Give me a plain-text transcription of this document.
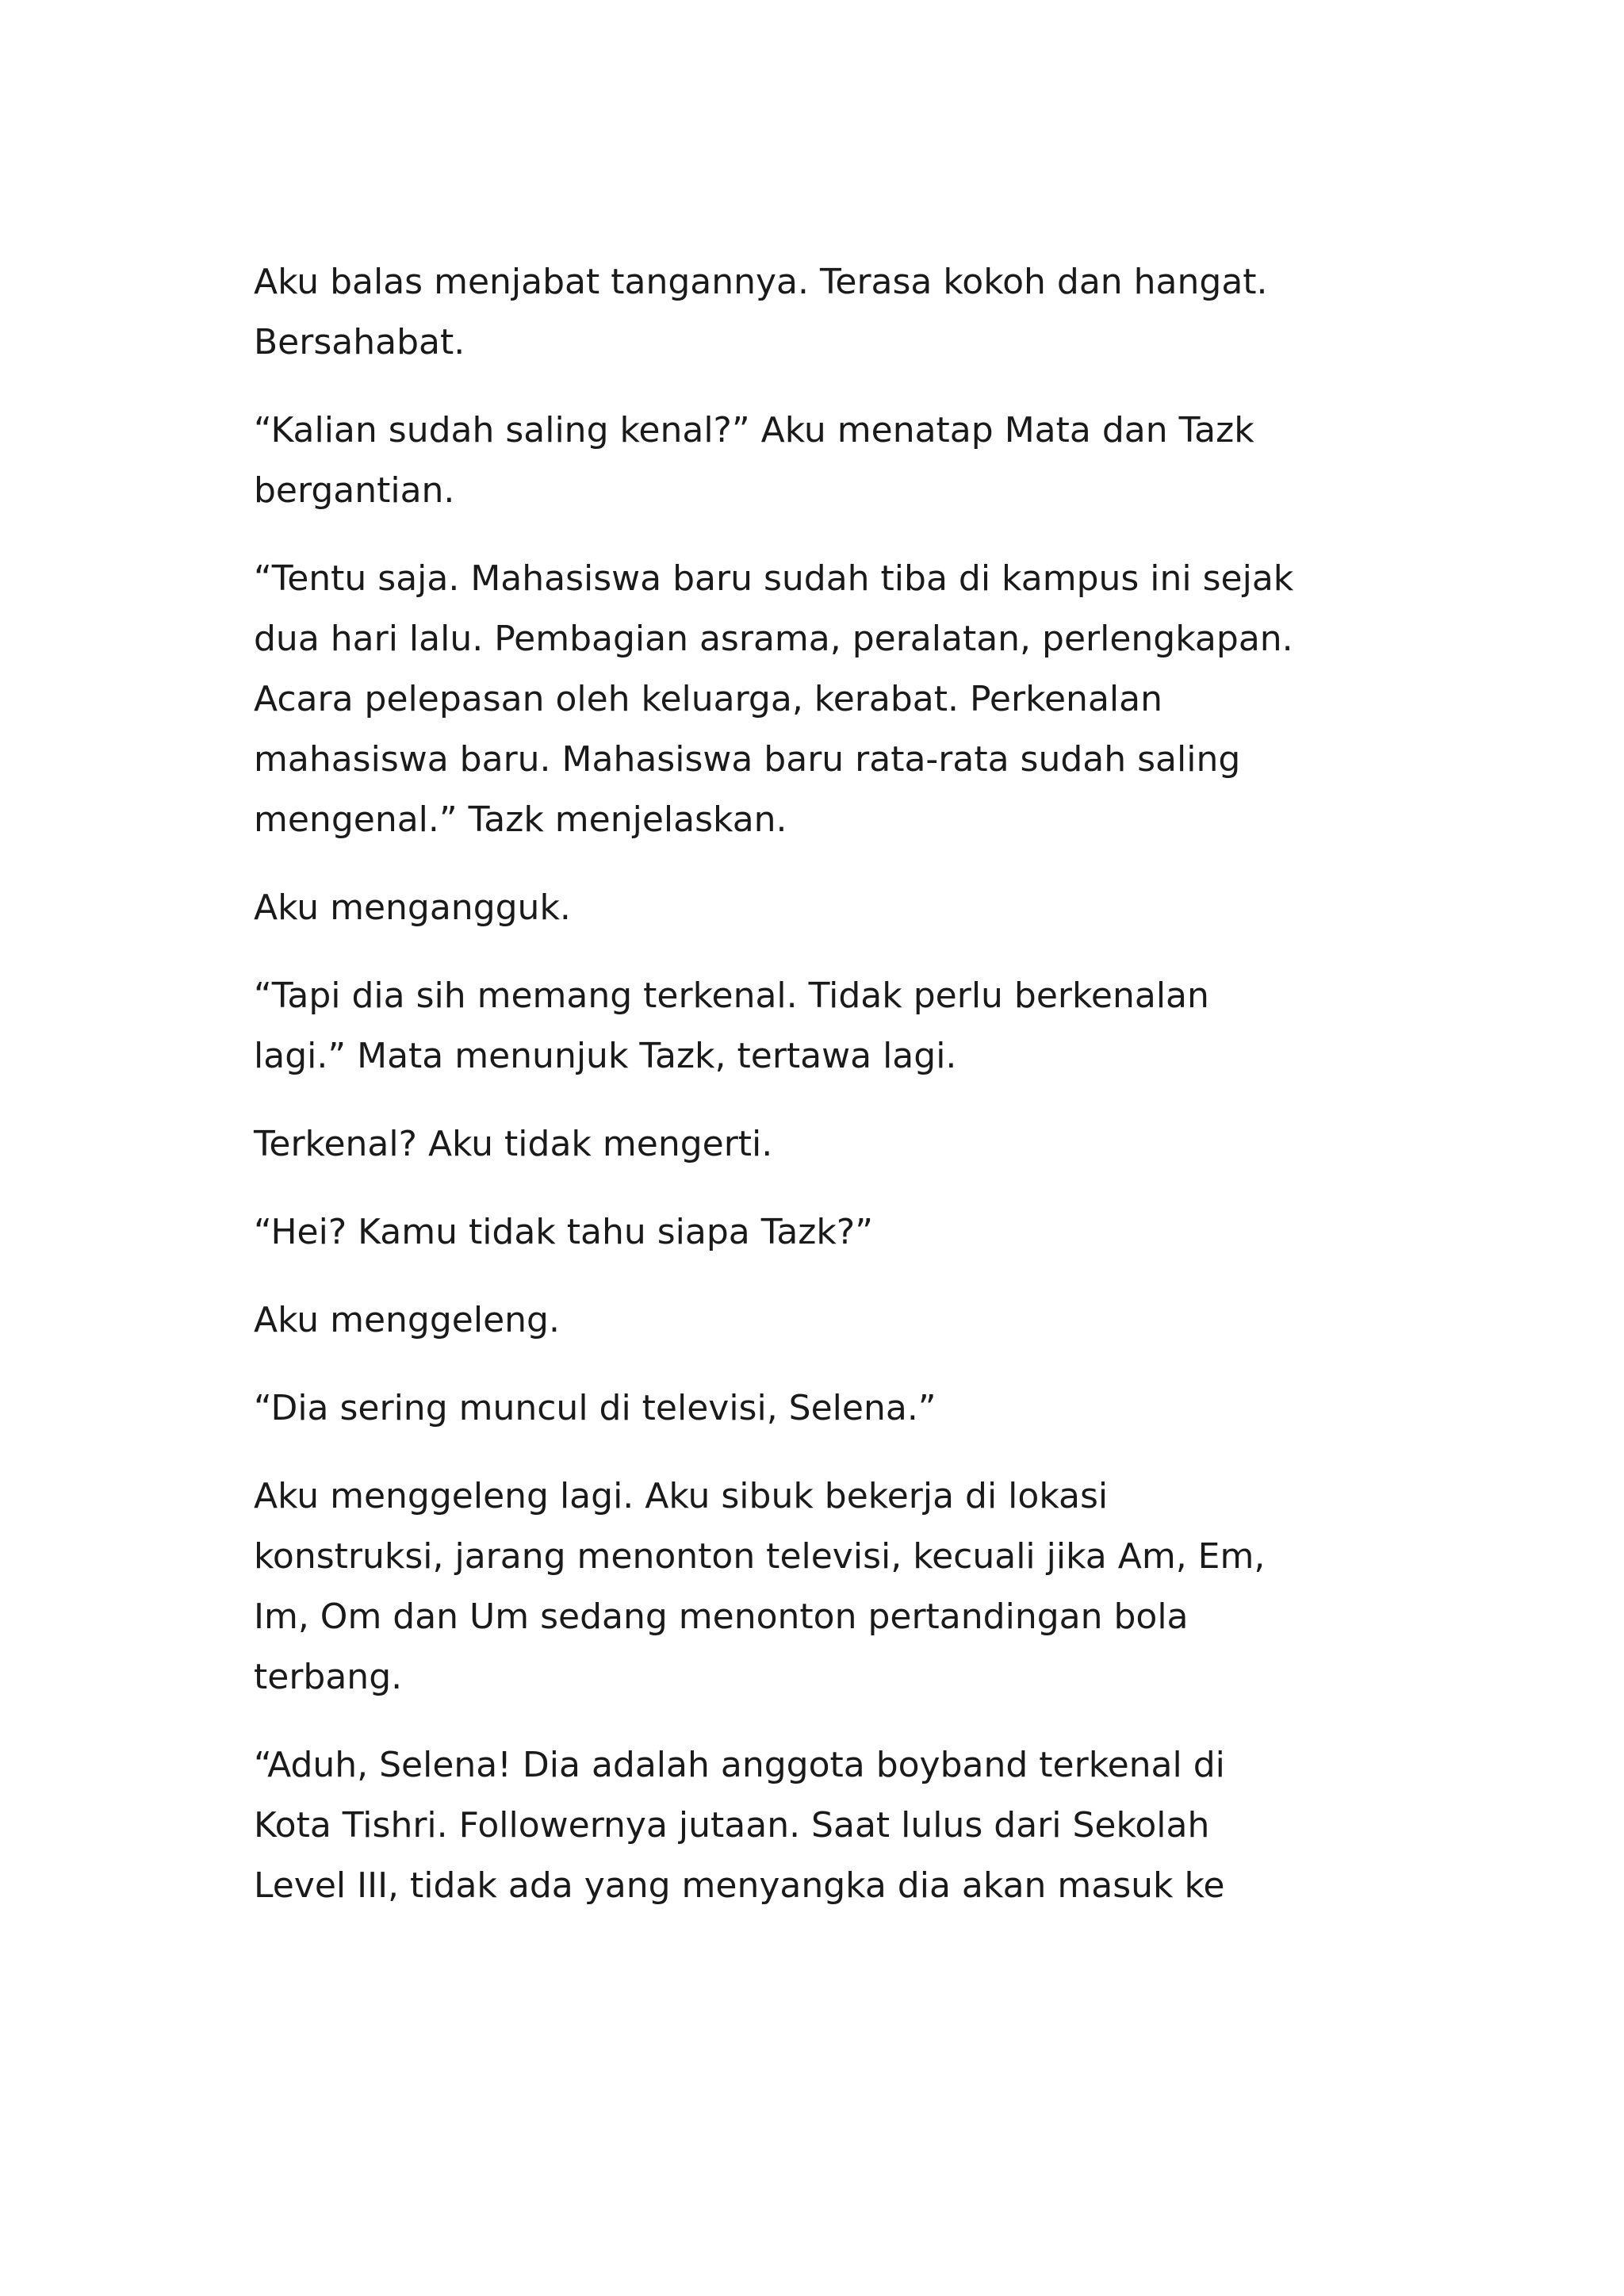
Aku balas menjabat tangannya. Terasa kokoh dan hangat.
Bersahabat.

“Kalian sudah saling kenal?” Aku menatap Mata dan Tazk
bergantian.

“Tentu saja. Mahasiswa baru sudah tiba di kampus ini sejak
dua hari lalu. Pembagian asrama, peralatan, perlengkapan.
Acara pelepasan oleh keluarga, kerabat. Perkenalan
mahasiswa baru. Mahasiswa baru rata-rata sudah saling
mengenal.” Tazk menjelaskan.

Aku mengangguk.

“Tapi dia sih memang terkenal. Tidak perlu berkenalan
lagi.” Mata menunjuk Tazk, tertawa lagi.

Terkenal? Aku tidak mengerti.

“Hei? Kamu tidak tahu siapa Tazk?”

Aku menggeleng.

“Dia sering muncul di televisi, Selena.”

Aku menggeleng lagi. Aku sibuk bekerja di lokasi
konstruksi, jarang menonton televisi, kecuali jika Am, Em,
Im, Om dan Um sedang menonton pertandingan bola
terbang.

“Aduh, Selena! Dia adalah anggota boyband terkenal di
Kota Tishri. Followernya jutaan. Saat lulus dari Sekolah
Level III, tidak ada yang menyangka dia akan masuk ke
